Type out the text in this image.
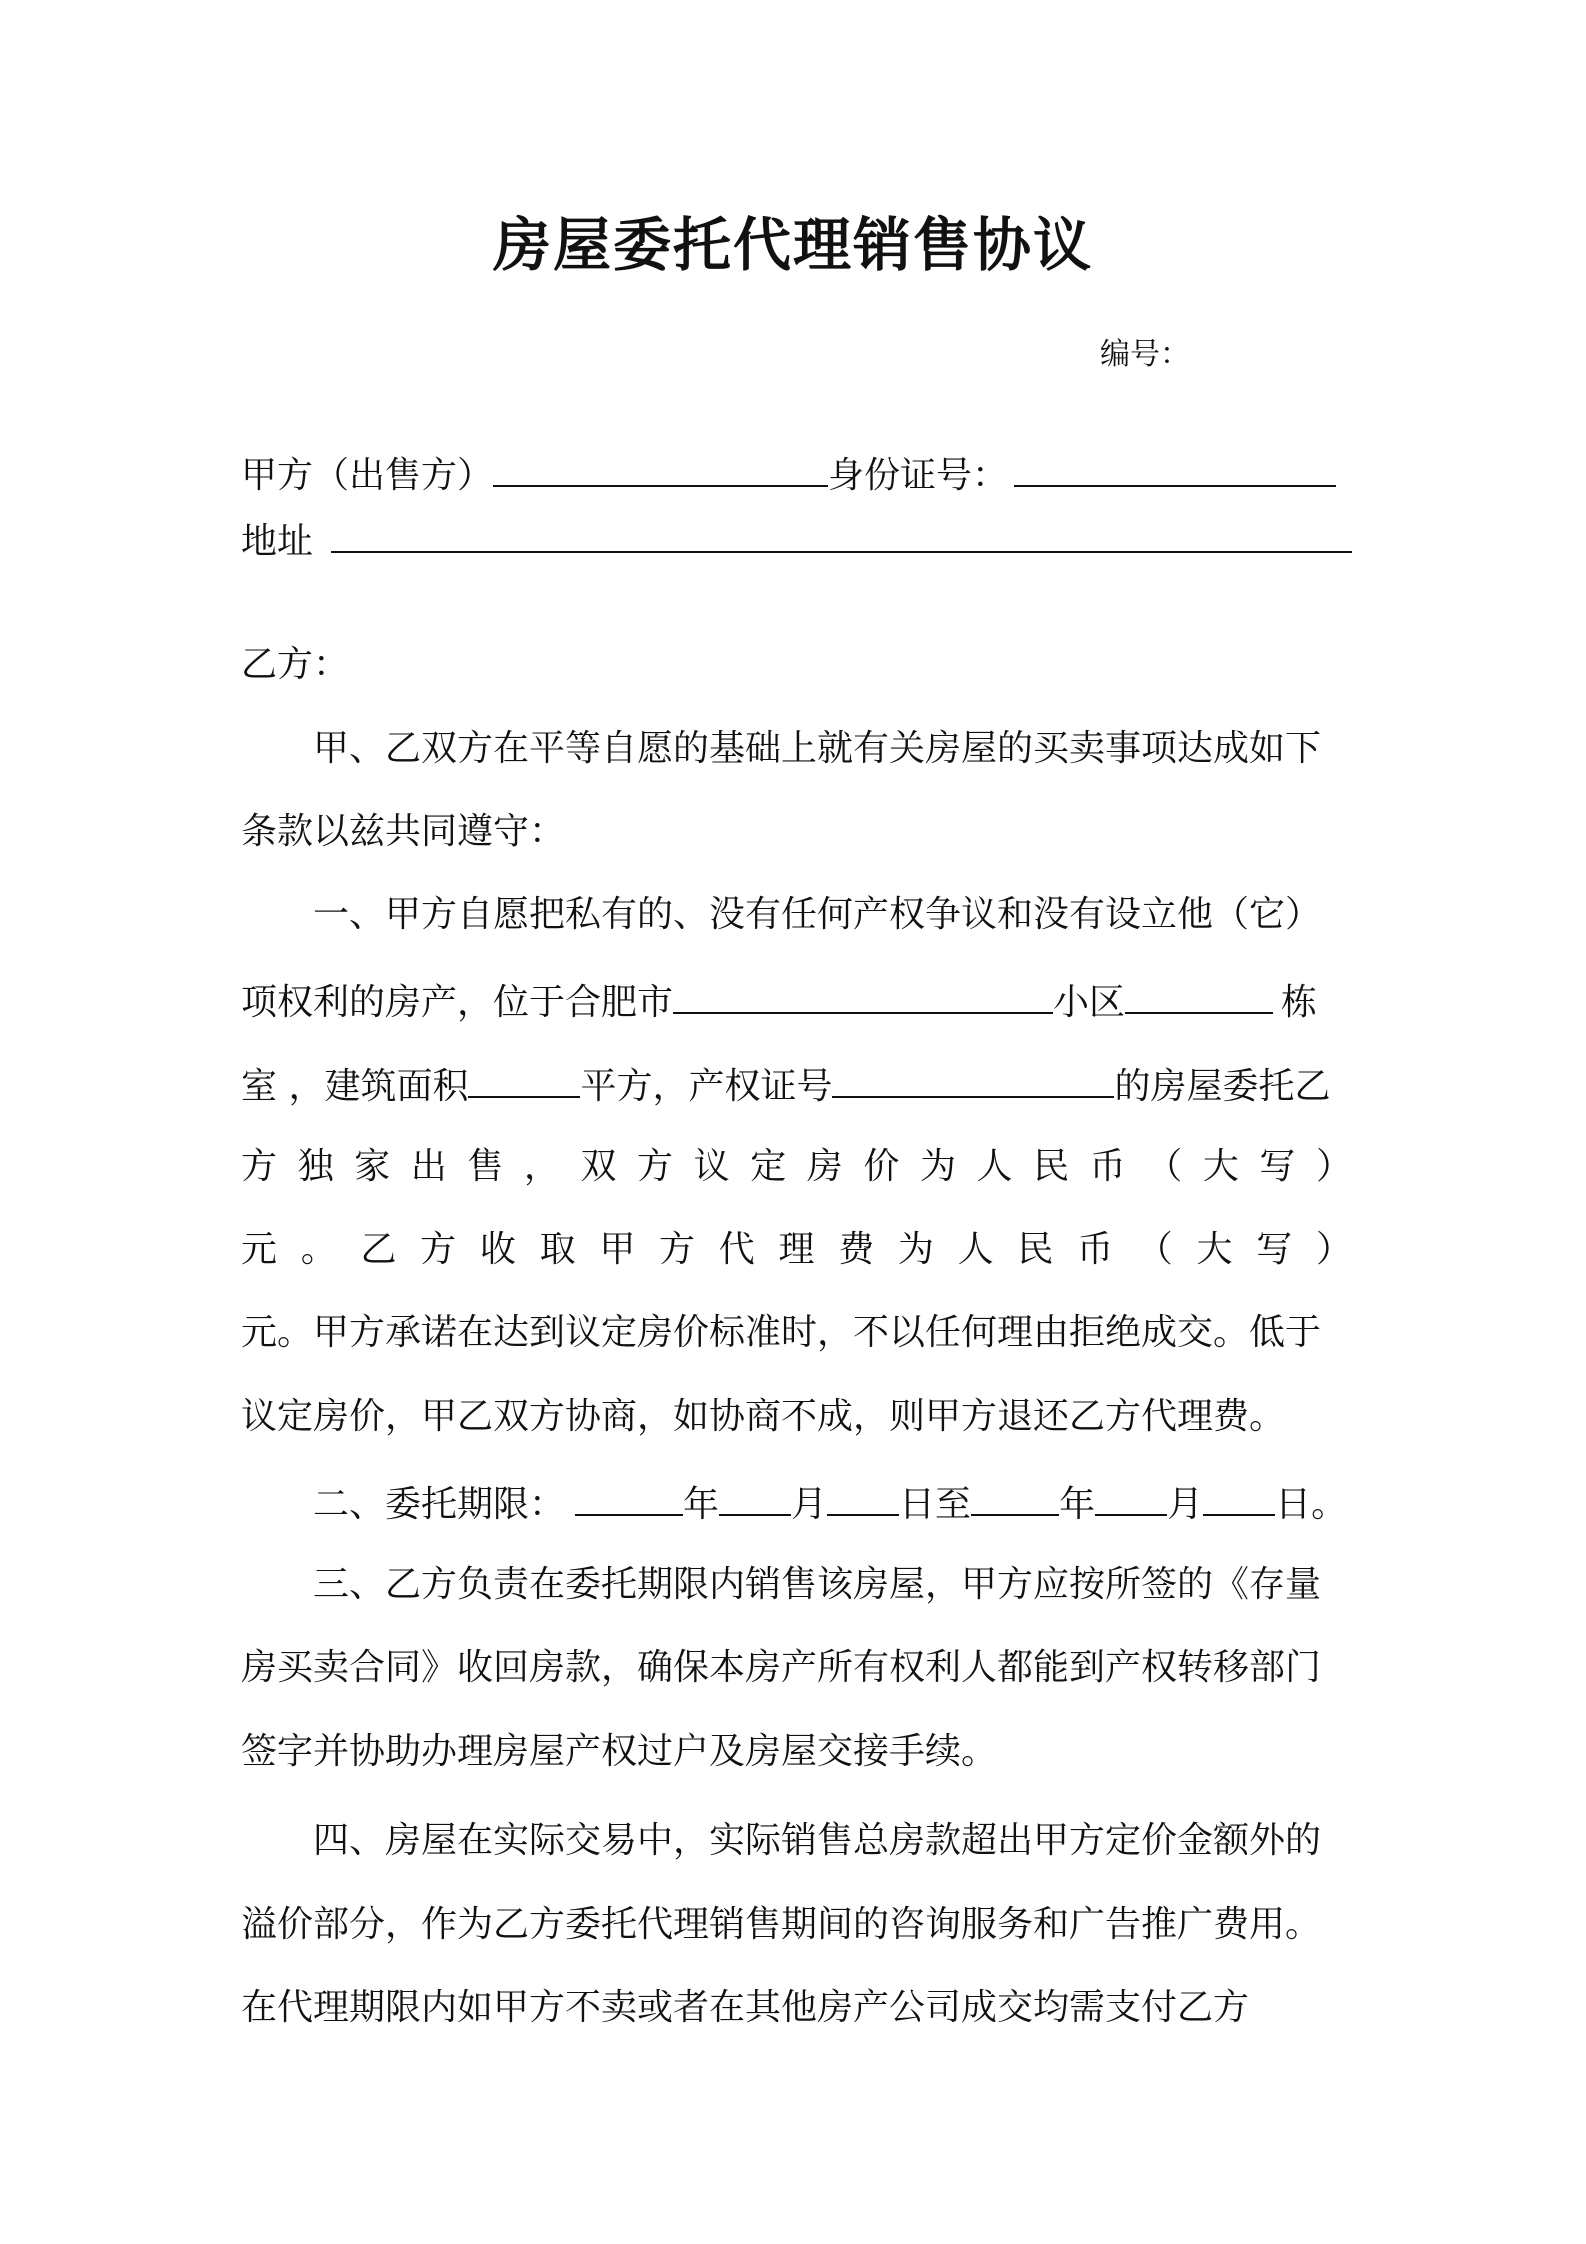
房屋委托代理销售协议
编号：
甲方（出售方）	身份证号：
地址
乙方：
甲、乙双方在平等自愿的基础上就有关房屋的买卖事项达成如下
条款以兹共同遵守：
一、甲方自愿把私有的、没有任何产权争议和没有设立他（它）
项权利的房产，位于合肥市	小区	栋
室 ，建筑面积	平方，产权证号	的房屋委托乙
方 独 家 出 售 ， 双 方 议 定 房 价 为 人 民 币 （ 大 写 ）
元 。 乙 方 收 取 甲 方 代 理 费 为 人 民 币 （ 大 写 ）
元。甲方承诺在达到议定房价标准时，不以任何理由拒绝成交。低于
议定房价，甲乙双方协商，如协商不成，则甲方退还乙方代理费。
二、委托期限：	年 月 日至 年 月 日。
三、乙方负责在委托期限内销售该房屋，甲方应按所签的《存量
房买卖合同》收回房款，确保本房产所有权利人都能到产权转移部门
签字并协助办理房屋产权过户及房屋交接手续。
四、房屋在实际交易中，实际销售总房款超出甲方定价金额外的
溢价部分，作为乙方委托代理销售期间的咨询服务和广告推广费用。
在代理期限内如甲方不卖或者在其他房产公司成交均需支付乙方
